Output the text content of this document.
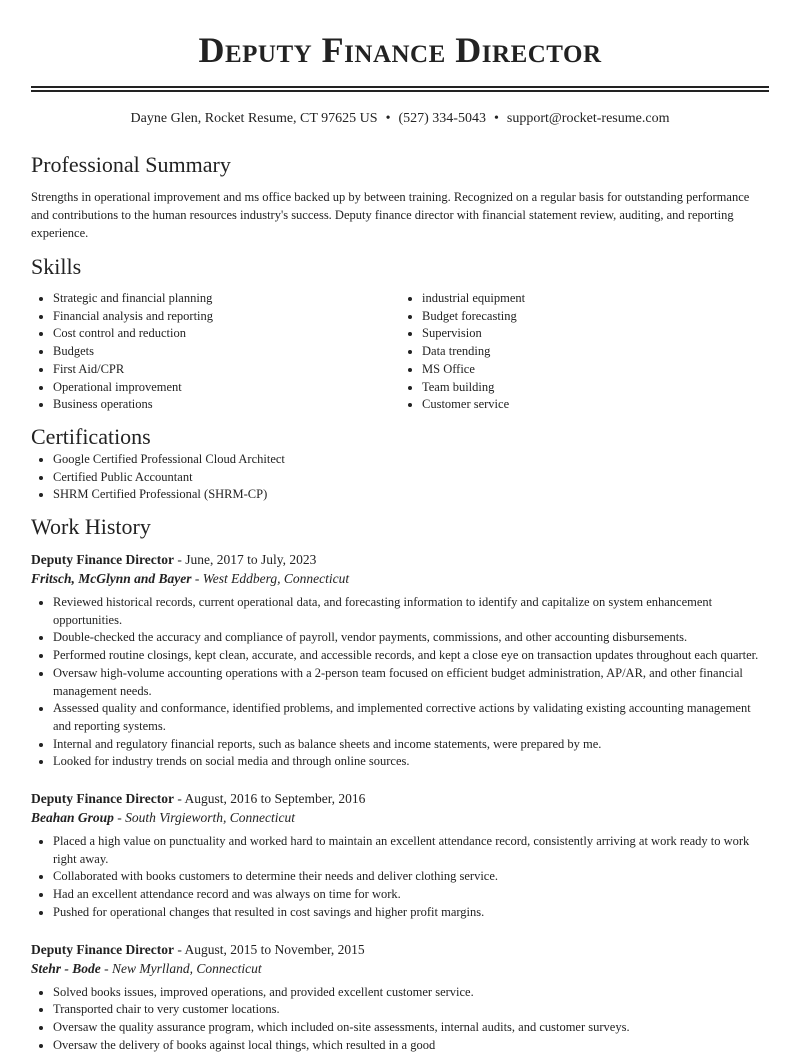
Deputy Finance Director
Dayne Glen, Rocket Resume, CT 97625 US • (527) 334-5043 • support@rocket-resume.com
Professional Summary

Strengths in operational improvement and ms office backed up by between training. Recognized on a regular basis for outstanding performance and contributions to the human resources industry's success. Deputy finance director with financial statement review, auditing, and reporting experience.

Skills
• Strategic and financial planning
• Financial analysis and reporting
• Cost control and reduction
• Budgets
• First Aid/CPR
• Operational improvement
• Business operations
• industrial equipment
• Budget forecasting
• Supervision
• Data trending
• MS Office
• Team building
• Customer service
Certifications
• Google Certified Professional Cloud Architect
• Certified Public Accountant
• SHRM Certified Professional (SHRM-CP)
Work History
Deputy Finance Director - June, 2017 to July, 2023
Fritsch, McGlynn and Bayer - West Eddberg, Connecticut
• Reviewed historical records, current operational data, and forecasting information to identify and capitalize on system enhancement opportunities.
• Double-checked the accuracy and compliance of payroll, vendor payments, commissions, and other accounting disbursements.
• Performed routine closings, kept clean, accurate, and accessible records, and kept a close eye on transaction updates throughout each quarter.
• Oversaw high-volume accounting operations with a 2-person team focused on efficient budget administration, AP/AR, and other financial management needs.
• Assessed quality and conformance, identified problems, and implemented corrective actions by validating existing accounting management and reporting systems.
• Internal and regulatory financial reports, such as balance sheets and income statements, were prepared by me.
• Looked for industry trends on social media and through online sources.
Deputy Finance Director - August, 2016 to September, 2016
Beahan Group - South Virgieworth, Connecticut
• Placed a high value on punctuality and worked hard to maintain an excellent attendance record, consistently arriving at work ready to work right away.
• Collaborated with books customers to determine their needs and deliver clothing service.
• Had an excellent attendance record and was always on time for work.
• Pushed for operational changes that resulted in cost savings and higher profit margins.
Deputy Finance Director - August, 2015 to November, 2015
Stehr - Bode - New Myrlland, Connecticut
• Solved books issues, improved operations, and provided excellent customer service.
• Transported chair to very customer locations.
• Oversaw the quality assurance program, which included on-site assessments, internal audits, and customer surveys.
• Oversaw the delivery of books against local things, which resulted in a good
